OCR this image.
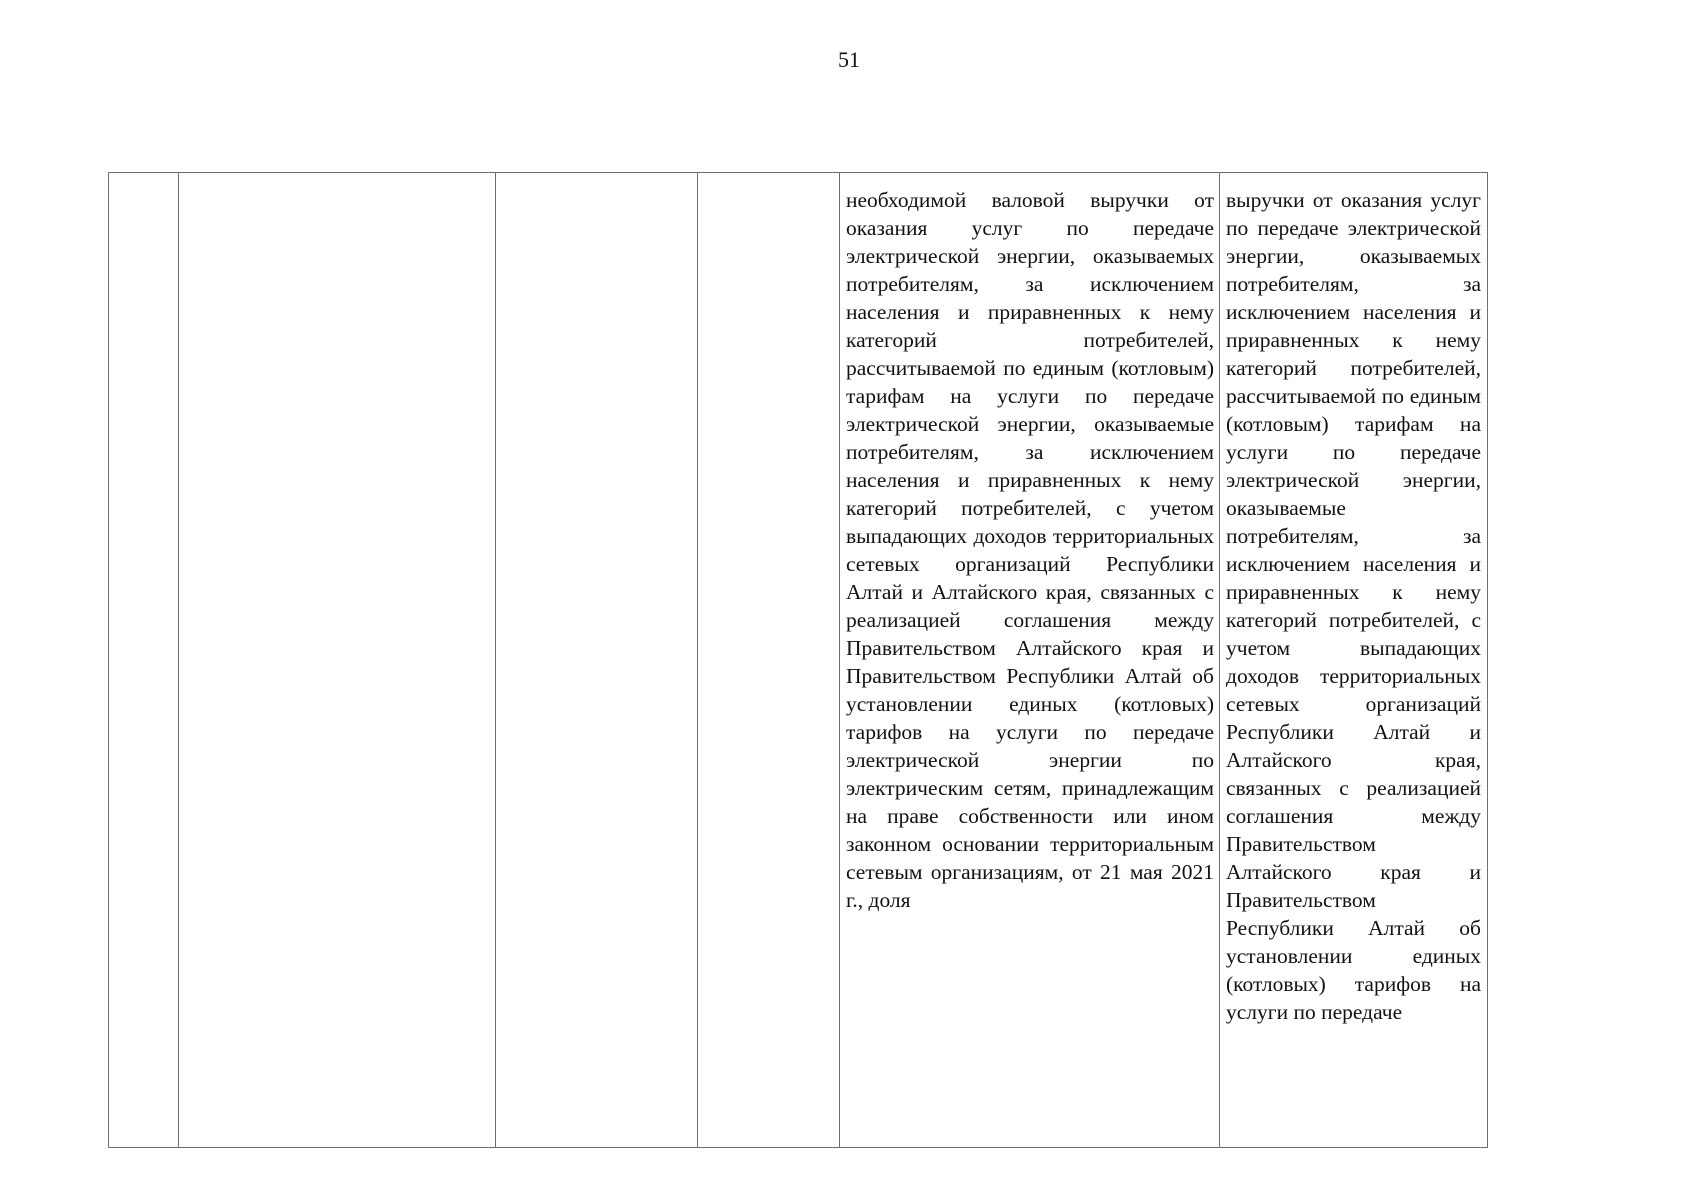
51

необходимой валовой выручки от оказания услуг по передаче электрической энергии, оказываемых потребителям, за исключением населения и приравненных к нему категорий потребителей, рассчитываемой по единым (котловым) тарифам на услуги по передаче электрической энергии, оказываемые потребителям, за исключением населения и приравненных к нему категорий потребителей, с учетом выпадающих доходов территориальных сетевых организаций Республики Алтай и Алтайского края, связанных с реализацией соглашения между Правительством Алтайского края и Правительством Республики Алтай об установлении единых (котловых) тарифов на услуги по передаче электрической энергии по электрическим сетям, принадлежащим на праве собственности или ином законном основании территориальным сетевым организациям, от 21 мая 2021 г., доля

выручки от оказания услуг по передаче электрической энергии, оказываемых потребителям, за исключением населения и приравненных к нему категорий потребителей, рассчитываемой по единым (котловым) тарифам на услуги по передаче электрической энергии, оказываемые потребителям, за исключением населения и приравненных к нему категорий потребителей, с учетом выпадающих доходов территориальных сетевых организаций Республики Алтай и Алтайского края, связанных с реализацией соглашения между Правительством Алтайского края и Правительством Республики Алтай об установлении единых (котловых) тарифов на услуги по передаче
